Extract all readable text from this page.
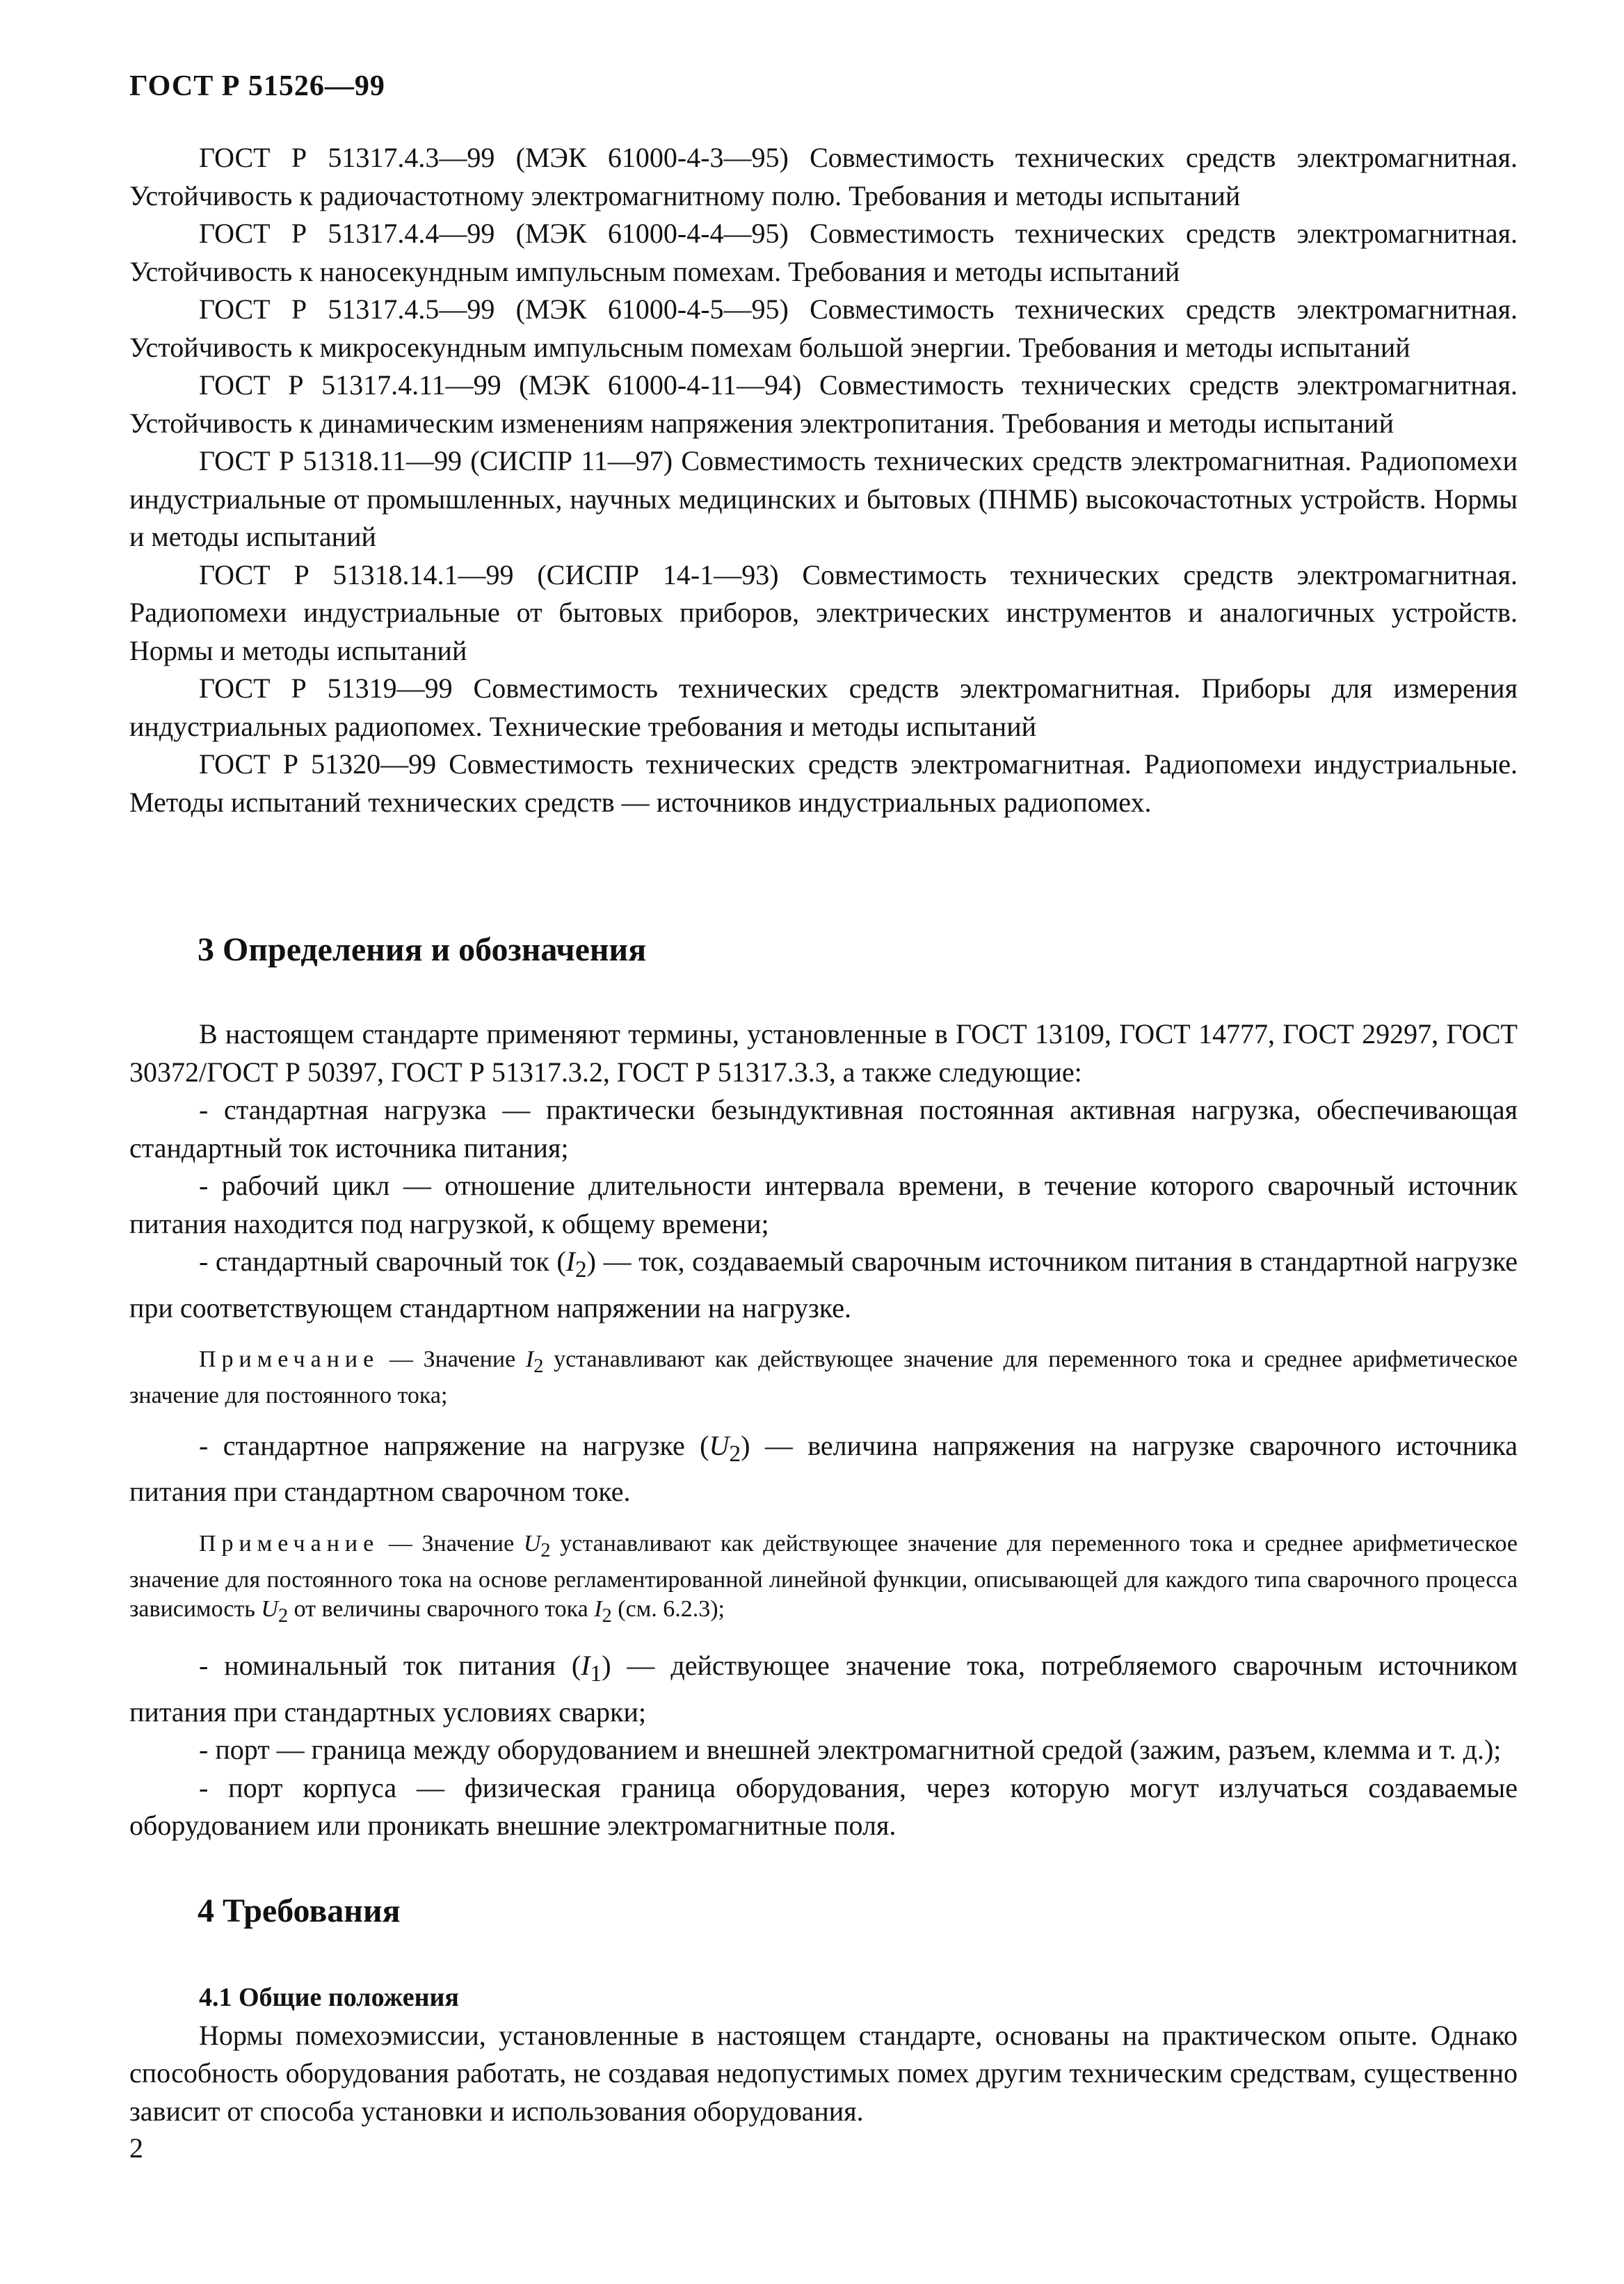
ГОСТ Р 51526—99

ГОСТ Р 51317.4.3—99 (МЭК 61000-4-3—95) Совместимость технических средств электромагнитная. Устойчивость к радиочастотному электромагнитному полю. Требования и методы испытаний

ГОСТ Р 51317.4.4—99 (МЭК 61000-4-4—95) Совместимость технических средств электромагнитная. Устойчивость к наносекундным импульсным помехам. Требования и методы испытаний

ГОСТ Р 51317.4.5—99 (МЭК 61000-4-5—95) Совместимость технических средств электромагнитная. Устойчивость к микросекундным импульсным помехам большой энергии. Требования и методы испытаний

ГОСТ Р 51317.4.11—99 (МЭК 61000-4-11—94) Совместимость технических средств электромагнитная. Устойчивость к динамическим изменениям напряжения электропитания. Требования и методы испытаний

ГОСТ Р 51318.11—99 (СИСПР 11—97) Совместимость технических средств электромагнитная. Радиопомехи индустриальные от промышленных, научных медицинских и бытовых (ПНМБ) высокочастотных устройств. Нормы и методы испытаний

ГОСТ Р 51318.14.1—99 (СИСПР 14-1—93) Совместимость технических средств электромагнитная. Радиопомехи индустриальные от бытовых приборов, электрических инструментов и аналогичных устройств. Нормы и методы испытаний

ГОСТ Р 51319—99 Совместимость технических средств электромагнитная. Приборы для измерения индустриальных радиопомех. Технические требования и методы испытаний

ГОСТ Р 51320—99 Совместимость технических средств электромагнитная. Радиопомехи индустриальные. Методы испытаний технических средств — источников индустриальных радиопомех.

3 Определения и обозначения

В настоящем стандарте применяют термины, установленные в ГОСТ 13109, ГОСТ 14777, ГОСТ 29297, ГОСТ 30372/ГОСТ Р 50397, ГОСТ Р 51317.3.2, ГОСТ Р 51317.3.3, а также следующие:

- стандартная нагрузка — практически безындуктивная постоянная активная нагрузка, обеспечивающая стандартный ток источника питания;

- рабочий цикл — отношение длительности интервала времени, в течение которого сварочный источник питания находится под нагрузкой, к общему времени;

- стандартный сварочный ток $(I_2)$ — ток, создаваемый сварочным источником питания в стандартной нагрузке при соответствующем стандартном напряжении на нагрузке.

Примечание — Значение $I_2$ устанавливают как действующее значение для переменного тока и среднее арифметическое значение для постоянного тока;

- стандартное напряжение на нагрузке $(U_2)$ — величина напряжения на нагрузке сварочного источника питания при стандартном сварочном токе.

Примечание — Значение $U_2$ устанавливают как действующее значение для переменного тока и среднее арифметическое значение для постоянного тока на основе регламентированной линейной функции, описывающей для каждого типа сварочного процесса зависимость $U_2$ от величины сварочного тока $I_2$ (см. 6.2.3);

- номинальный ток питания $(I_1)$ — действующее значение тока, потребляемого сварочным источником питания при стандартных условиях сварки;

- порт — граница между оборудованием и внешней электромагнитной средой (зажим, разъем, клемма и т. д.);

- порт корпуса — физическая граница оборудования, через которую могут излучаться создаваемые оборудованием или проникать внешние электромагнитные поля.

4 Требования

4.1 Общие положения

Нормы помехоэмиссии, установленные в настоящем стандарте, основаны на практическом опыте. Однако способность оборудования работать, не создавая недопустимых помех другим техническим средствам, существенно зависит от способа установки и использования оборудования.

2
